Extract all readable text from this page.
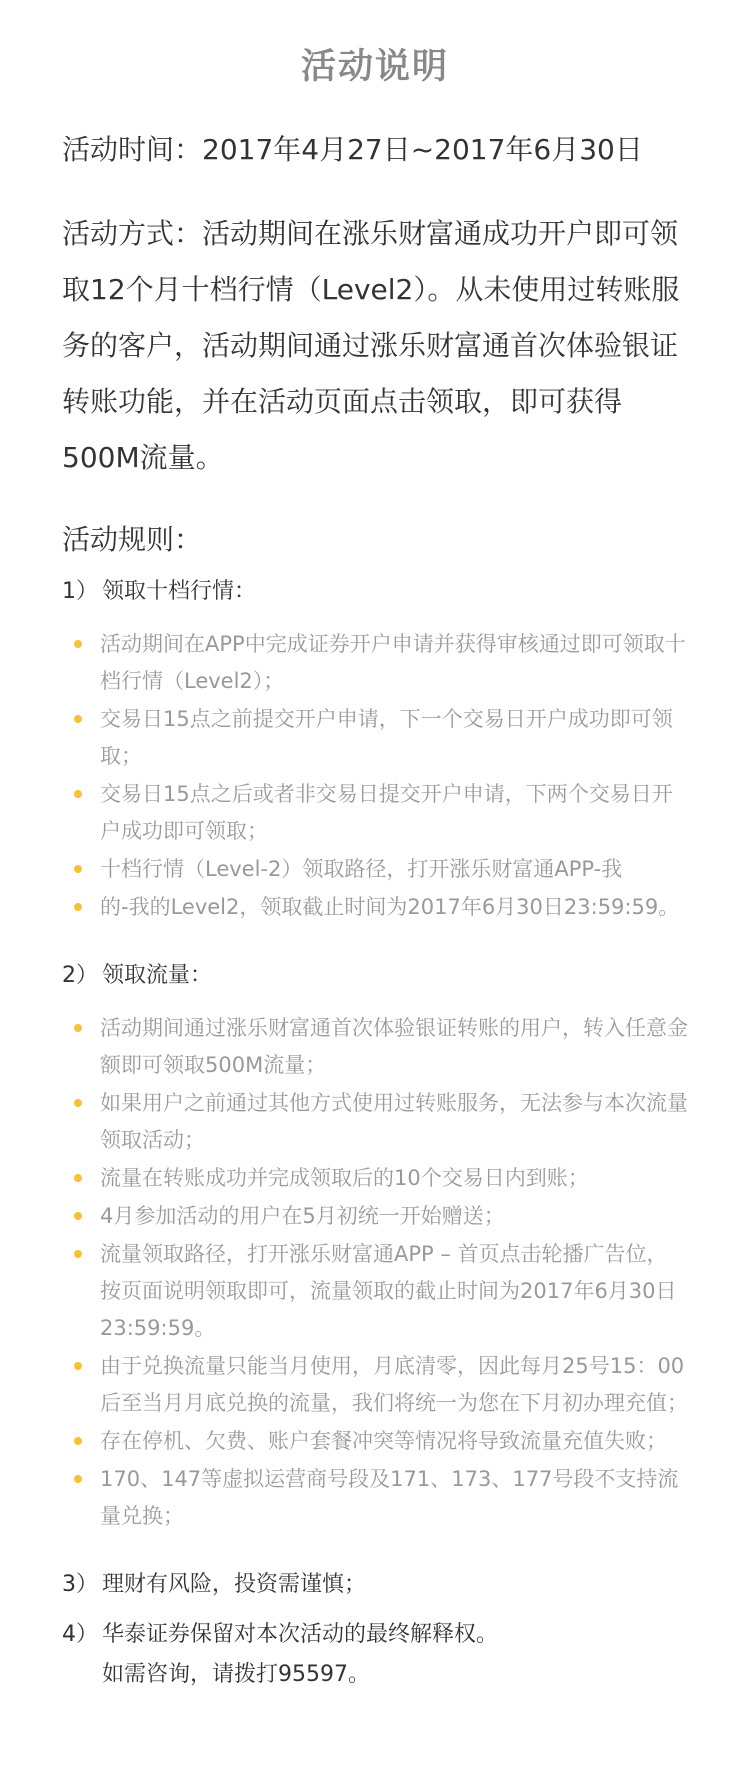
活动说明

活动时间：2017年4月27日~2017年6月30日

活动方式：活动期间在涨乐财富通成功开户即可领取12个月十档行情（Level2）。从未使用过转账服务的客户，活动期间通过涨乐财富通首次体验银证转账功能，并在活动页面点击领取，即可获得500M流量。

活动规则：

1） 领取十档行情：
活动期间在APP中完成证券开户申请并获得审核通过即可领取十档行情（Level2）；
交易日15点之前提交开户申请，下一个交易日开户成功即可领取；
交易日15点之后或者非交易日提交开户申请，下两个交易日开户成功即可领取；
十档行情（Level-2）领取路径，打开涨乐财富通APP-我
的-我的Level2，领取截止时间为2017年6月30日23:59:59。
2） 领取流量：
活动期间通过涨乐财富通首次体验银证转账的用户，转入任意金额即可领取500M流量；
如果用户之前通过其他方式使用过转账服务，无法参与本次流量领取活动；
流量在转账成功并完成领取后的10个交易日内到账；
4月参加活动的用户在5月初统一开始赠送；
流量领取路径，打开涨乐财富通APP – 首页点击轮播广告位，按页面说明领取即可，流量领取的截止时间为2017年6月30日23:59:59。
由于兑换流量只能当月使用，月底清零，因此每月25号15：00后至当月月底兑换的流量，我们将统一为您在下月初办理充值；
存在停机、欠费、账户套餐冲突等情况将导致流量充值失败；
170、147等虚拟运营商号段及171、173、177号段不支持流量兑换；
3） 理财有风险，投资需谨慎；
4） 华泰证券保留对本次活动的最终解释权。
如需咨询，请拨打95597。
